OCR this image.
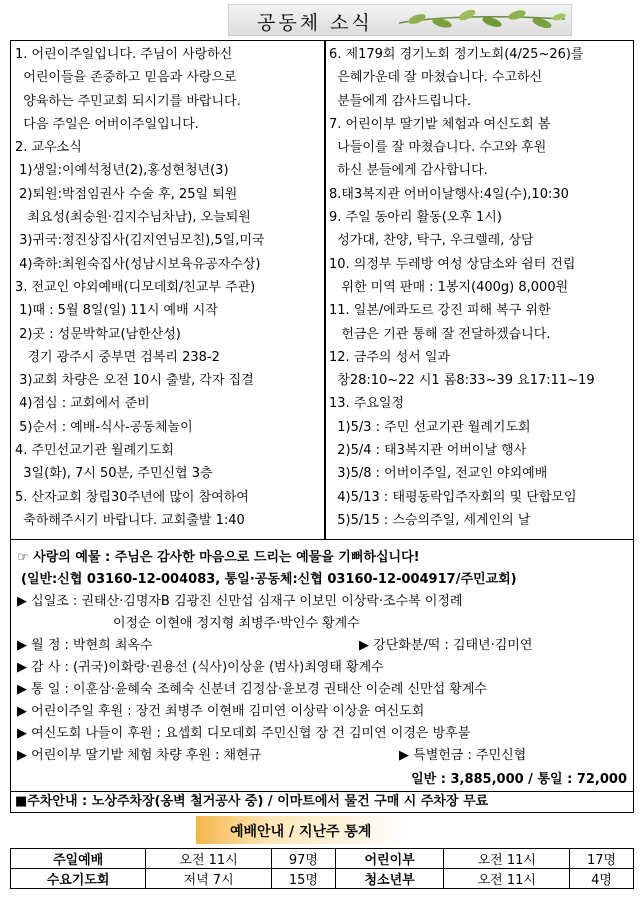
공동체 소식
1. 어린이주일입니다. 주님이 사랑하신
어린이들을 존중하고 믿음과 사랑으로
양육하는 주민교회 되시기를 바랍니다.
다음 주일은 어버이주일입니다.
2. 교우소식
1)생일:이예석청년(2),홍성현청년(3)
2)퇴원:박점임권사 수술 후, 25일 퇴원
최요성(최숭원·김지수님차남), 오늘퇴원
3)귀국:정진상집사(김지연님모친),5일,미국
4)축하:최원숙집사(성남시보육유공자수상)
3. 전교인 야외예배(디모데회/친교부 주관)
1)때 : 5월 8일(일) 11시 예배 시작
2)곳 : 성문박학교(남한산성)
경기 광주시 중부면 검복리 238-2
3)교회 차량은 오전 10시 출발, 각자 집결
4)점심 : 교회에서 준비
5)순서 : 예배-식사-공동체놀이
4. 주민선교기관 월례기도회
3일(화), 7시 50분, 주민신협 3층
5. 산자교회 창립30주년에 많이 참여하여
축하해주시기 바랍니다. 교회출발 1:40
6. 제179회 경기노회 정기노회(4/25~26)를
은혜가운데 잘 마쳤습니다. 수고하신
분들에게 감사드립니다.
7. 어린이부 딸기밭 체험과 여신도회 봄
나들이를 잘 마쳤습니다. 수고와 후원
하신 분들에게 감사합니다.
8.태3복지관 어버이날행사:4일(수),10:30
9. 주일 동아리 활동(오후 1시)
성가대, 찬양, 탁구, 우크렐레, 상담
10. 의정부 두레방 여성 상담소와 쉼터 건립
위한 미역 판매 : 1봉지(400g) 8,000원
11. 일본/에콰도르 강진 피해 복구 위한
헌금은 기관 통해 잘 전달하겠습니다.
12. 금주의 성서 일과
창28:10~22 시1 롬8:33~39 요17:11~19
13. 주요일정
1)5/3 : 주민 선교기관 월례기도회
2)5/4 : 태3복지관 어버이날 행사
3)5/8 : 어버이주일, 전교인 야외예배
4)5/13 : 태평동락입주자회의 및 단합모임
5)5/15 : 스승의주일, 세계인의 날
☞ 사랑의 예물 : 주님은 감사한 마음으로 드리는 예물을 기뻐하십니다!
(일반:신협 03160-12-004083, 통일·공동체:신협 03160-12-004917/주민교회)
▶ 십일조 : 권태산·김명자B 김광진 신만섭 심재구 이보민 이상락·조수복 이정례
이정순 이현애 정지형 최병주·박인수 황계수
▶ 월 정 : 박현희 최옥수	▶ 강단화분/떡 : 김태년·김미연
▶ 감 사 : (귀국)이화랑·권용선 (식사)이상윤 (범사)최영태 황계수
▶ 통 일 : 이훈삼·윤혜숙 조혜숙 신분녀 김정삼·윤보경 권태산 이순례 신만섭 황계수
▶ 어린이주일 후원 : 장건 최병주 이현배 김미연 이상락 이상윤 여신도회
▶ 여신도회 나들이 후원 : 요셉회 디모데회 주민신협 장 건 김미연 이경은 방후불
▶ 어린이부 딸기밭 체험 차량 후원 : 채현규	▶ 특별헌금 : 주민신협
일반 : 3,885,000 / 통일 : 72,000
■주차안내 : 노상주차장(옹벽 철거공사 중) / 이마트에서 물건 구매 시 주차장 무료
예배안내 / 지난주 통계
주일예배	오전 11시	97명	어린이부	오전 11시	17명
수요기도회	저녁 7시	15명	청소년부	오전 11시	4명
